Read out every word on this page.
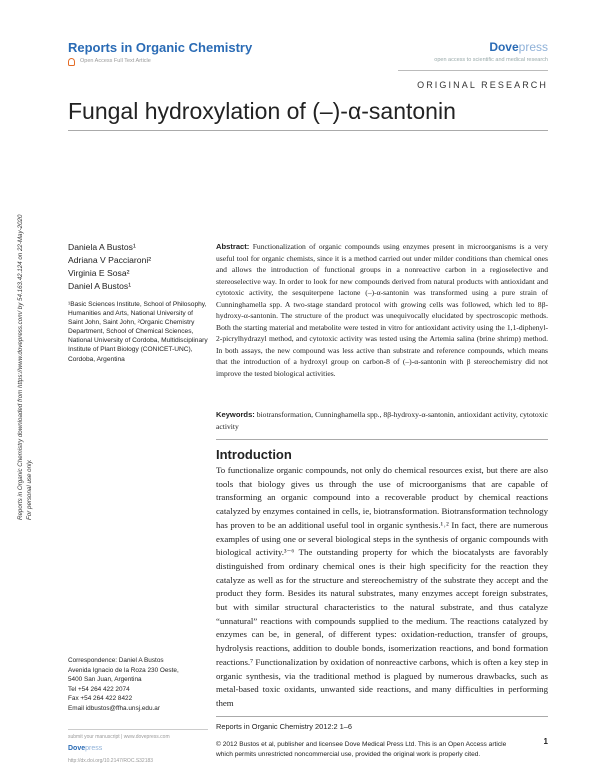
Reports in Organic Chemistry	Dovepress
open access to scientific and medical research
Open Access Full Text Article
ORIGINAL RESEARCH
Fungal hydroxylation of (–)-α-santonin
Reports in Organic Chemistry downloaded from https://www.dovepress.com/ by 54.163.42.124 on 22-May-2020 For personal use only.
Daniela A Bustos¹
Adriana V Pacciaroni²
Virginia E Sosa²
Daniel A Bustos¹
¹Basic Sciences Institute, School of Philosophy, Humanities and Arts, National University of Saint John, Saint John, ²Organic Chemistry Department, School of Chemical Sciences, National University of Cordoba, Multidisciplinary Institute of Plant Biology (CONICET-UNC), Cordoba, Argentina
Correspondence: Daniel A Bustos
Avenida Ignacio de la Roza 230 Oeste,
5400 San Juan, Argentina
Tel +54 264 422 2074
Fax +54 264 422 8422
Email idbustos@ffha.unsj.edu.ar
Abstract: Functionalization of organic compounds using enzymes present in microorganisms is a very useful tool for organic chemists, since it is a method carried out under milder conditions than chemical ones and allows the introduction of functional groups in a nonreactive carbon in a regioselective and stereoselective way. In order to look for new compounds derived from natural products with antioxidant and cytotoxic activity, the sesquiterpene lactone (–)-α-santonin was transformed using a pure strain of Cunninghamella spp. A two-stage standard protocol with growing cells was followed, which led to 8β-hydroxy-α-santonin. The structure of the product was unequivocally elucidated by spectroscopic methods. Both the starting material and metabolite were tested in vitro for antioxidant activity using the 1,1-diphenyl-2-picrylhydrazyl method, and cytotoxic activity was tested using the Artemia salina (brine shrimp) method. In both assays, the new compound was less active than substrate and reference compounds, which means that the introduction of a hydroxyl group on carbon-8 of (–)-α-santonin with β stereochemistry did not improve the tested biological activities.
Keywords: biotransformation, Cunninghamella spp., 8β-hydroxy-α-santonin, antioxidant activity, cytotoxic activity
Introduction
To functionalize organic compounds, not only do chemical resources exist, but there are also tools that biology gives us through the use of microorganisms that are capable of transforming an organic compound into a recoverable product by chemical reactions catalyzed by enzymes contained in cells, ie, biotransformation. Biotransformation technology has proven to be an additional useful tool in organic synthesis.¹˒² In fact, there are numerous examples of using one or several biological steps in the synthesis of organic compounds with biological activity.³⁻⁶ The outstanding property for which the biocatalysts are favorably distinguished from ordinary chemical ones is their high specificity for the reaction they catalyze as well as for the structure and stereochemistry of the substrate they accept and the product they form. Besides its natural substrates, many enzymes accept foreign substrates, but with similar structural characteristics to the natural substrate, and thus catalyze “unnatural” reactions with compounds supplied to the medium. The reactions catalyzed by enzymes can be, in general, of different types: oxidation-reduction, transfer of groups, hydrolysis reactions, addition to double bonds, isomerization reactions, and bond formation reactions.⁷ Functionalization by oxidation of nonreactive carbons, which is often a key step in organic synthesis, via the traditional method is plagued by numerous drawbacks, such as metal-based toxic oxidants, unwanted side reactions, and many difficulties in performing them
submit your manuscript | www.dovepress.com
Dovepress
http://dx.doi.org/10.2147/ROC.S32183
Reports in Organic Chemistry 2012:2 1–6
1
© 2012 Bustos et al, publisher and licensee Dove Medical Press Ltd. This is an Open Access article which permits unrestricted noncommercial use, provided the original work is properly cited.
